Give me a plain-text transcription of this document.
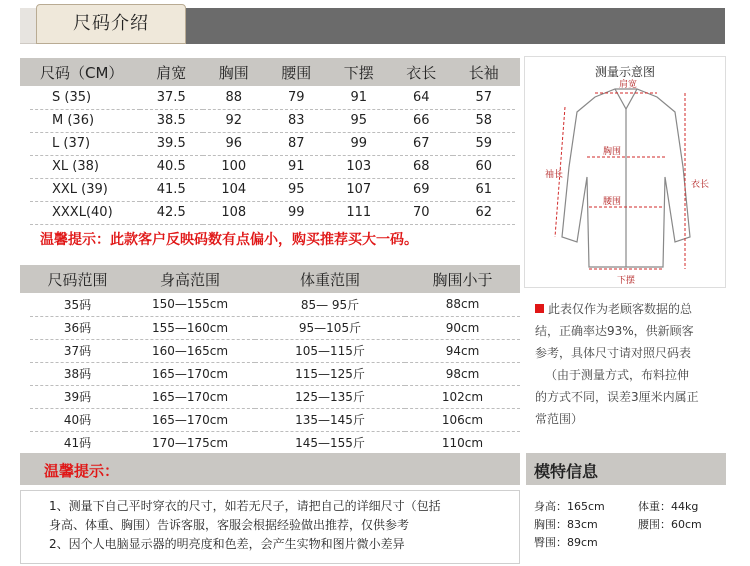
尺码介绍
尺码（CM）	肩宽	胸围	腰围	下摆	衣长	长袖
S (35)	37.5	88	79	91	64	57
M (36)	38.5	92	83	95	66	58
L (37)	39.5	96	87	99	67	59
XL (38)	40.5	100	91	103	68	60
XXL (39)	41.5	104	95	107	69	61
XXXL(40)	42.5	108	99	111	70	62
温馨提示：此款客户反映码数有点偏小，购买推荐买大一码。
尺码范围	身高范围	体重范围	胸围小于
35码	150—155cm	85— 95斤	88cm
36码	155—160cm	95—105斤	90cm
37码	160—165cm	105—115斤	94cm
38码	165—170cm	115—125斤	98cm
39码	165—170cm	125—135斤	102cm
40码	165—170cm	135—145斤	106cm
41码	170—175cm	145—155斤	110cm
测量示意图
肩宽
胸围
腰围
下摆
衣长
袖长
此表仅作为老顾客数据的总
结，正确率达93%，供新顾客
参考，具体尺寸请对照尺码表
（由于测量方式，布料拉伸
的方式不同，误差3厘米内属正
常范围）
温馨提示：	模特信息
1、测量下自己平时穿衣的尺寸，如若无尺子，请把自己的详细尺寸（包括
身高、体重、胸围）告诉客服，客服会根据经验做出推荐，仅供参考
2、因个人电脑显示器的明亮度和色差，会产生实物和图片微小差异
身高：165cm	体重：44kg
胸围：83cm	腰围：60cm
臀围：89cm
